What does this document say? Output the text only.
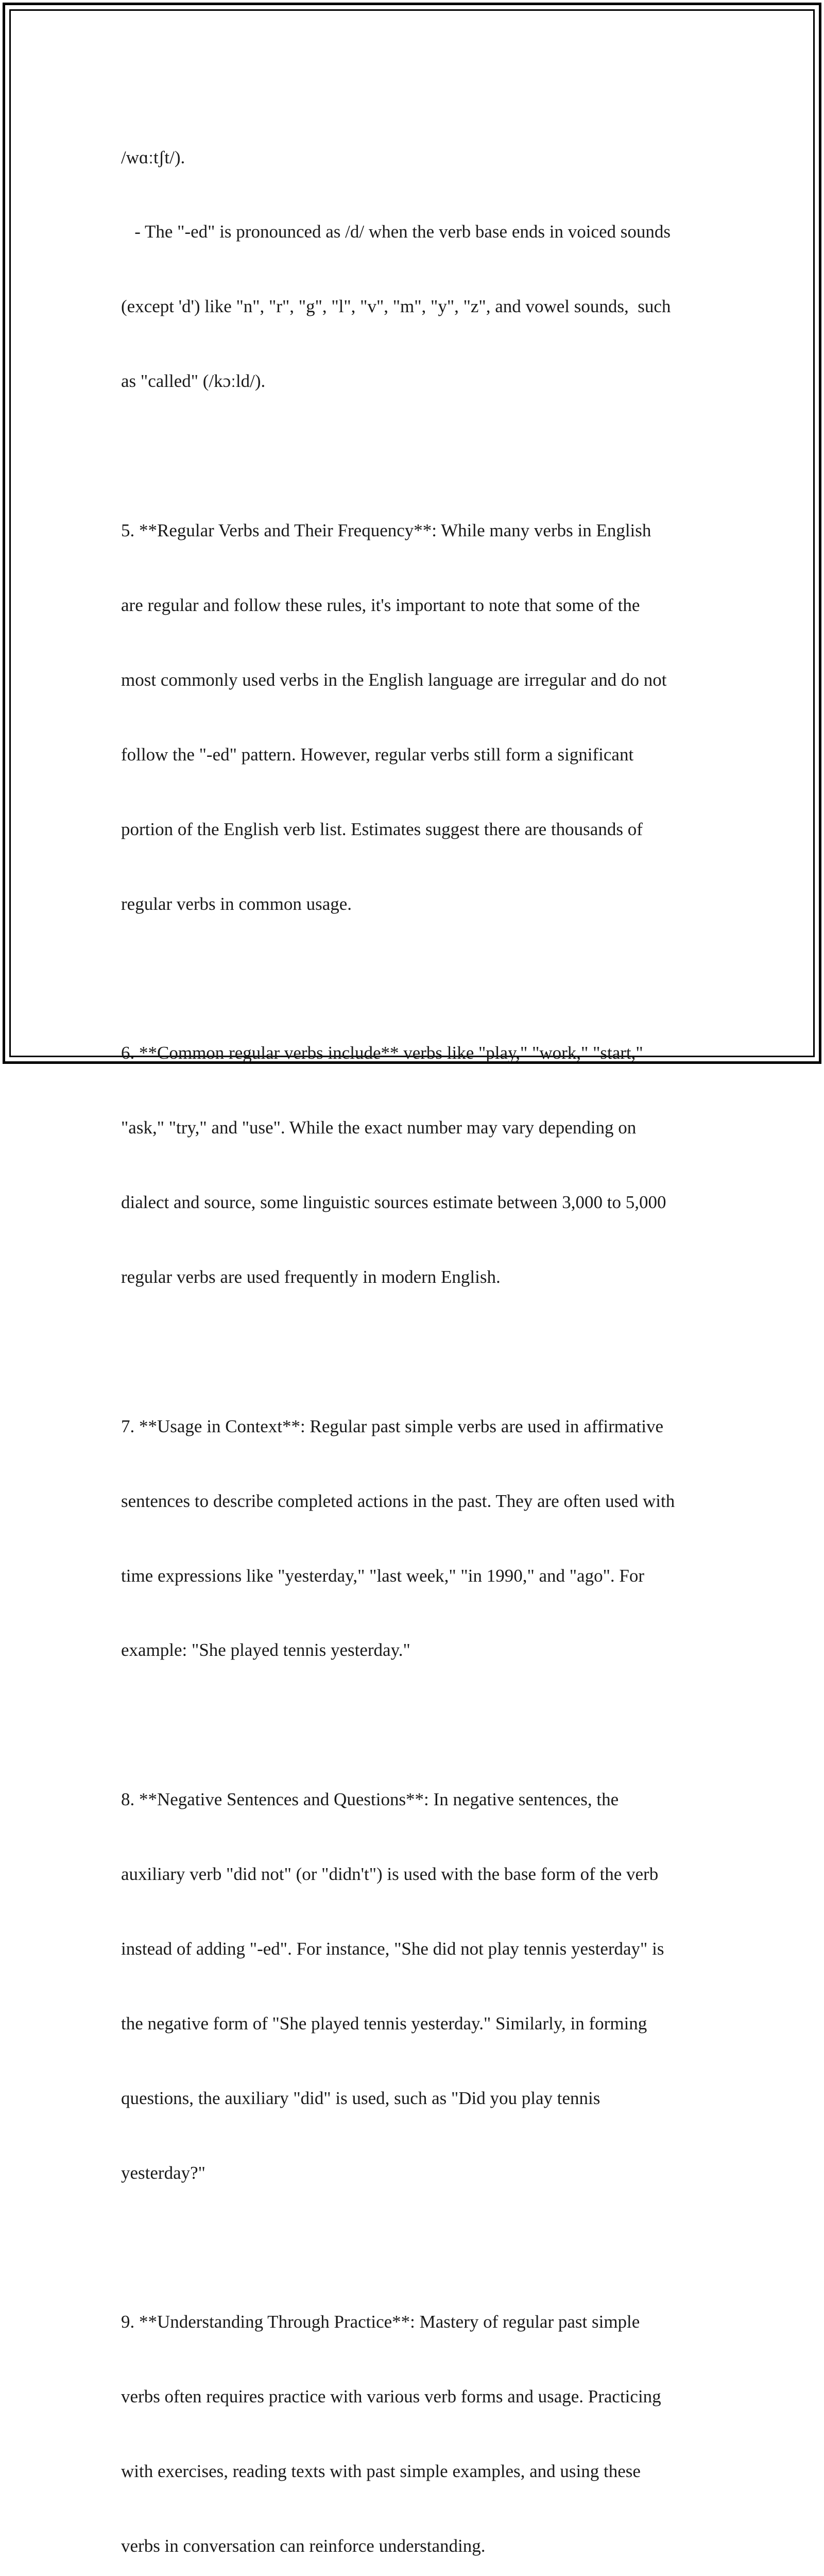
/wɑːtʃt/).

- The "-ed" is pronounced as /d/ when the verb base ends in voiced sounds

(except 'd') like "n", "r", "g", "l", "v", "m", "y", "z", and vowel sounds,  such

as "called" (/kɔːld/).

5. **Regular Verbs and Their Frequency**: While many verbs in English

are regular and follow these rules, it's important to note that some of the

most commonly used verbs in the English language are irregular and do not

follow the "-ed" pattern. However, regular verbs still form a significant

portion of the English verb list. Estimates suggest there are thousands of

regular verbs in common usage.

6. **Common regular verbs include** verbs like "play," "work," "start,"

"ask," "try," and "use". While the exact number may vary depending on

dialect and source, some linguistic sources estimate between 3,000 to 5,000

regular verbs are used frequently in modern English.

7. **Usage in Context**: Regular past simple verbs are used in affirmative

sentences to describe completed actions in the past. They are often used with

time expressions like "yesterday," "last week," "in 1990," and "ago". For

example: "She played tennis yesterday."

8. **Negative Sentences and Questions**: In negative sentences, the

auxiliary verb "did not" (or "didn't") is used with the base form of the verb

instead of adding "-ed". For instance, "She did not play tennis yesterday" is

the negative form of "She played tennis yesterday." Similarly, in forming

questions, the auxiliary "did" is used, such as "Did you play tennis

yesterday?"

9. **Understanding Through Practice**: Mastery of regular past simple

verbs often requires practice with various verb forms and usage. Practicing

with exercises, reading texts with past simple examples, and using these

verbs in conversation can reinforce understanding.
